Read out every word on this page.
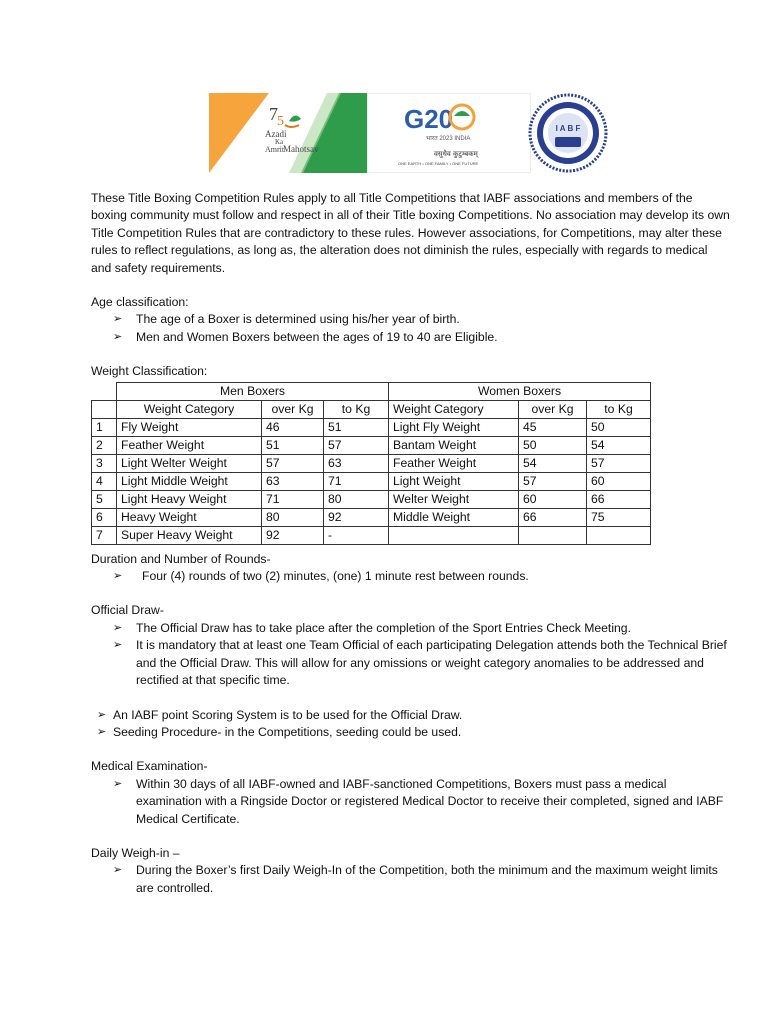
7 5
Azadi
Ka
Amrit
Mahotsav
G20
भारत 2023 INDIA
वसुधैव कुटुम्बकम्
ONE EARTH • ONE FAMILY • ONE FUTURE
I A B F

These Title Boxing Competition Rules apply to all Title Competitions that IABF associations and members of the boxing community must follow and respect in all of their Title boxing Competitions. No association may develop its own Title Competition Rules that are contradictory to these rules. However associations, for Competitions, may alter these rules to reflect regulations, as long as, the alteration does not diminish the rules, especially with regards to medical and safety requirements.

Age classification:

➢ The age of a Boxer is determined using his/her year of birth.
➢ Men and Women Boxers between the ages of 19 to 40 are Eligible.

Weight Classification:

	Men Boxers			Women Boxers		
	Weight Category	over Kg	to Kg	Weight Category	over Kg	to Kg
1	Fly Weight	46	51	Light Fly Weight	45	50
2	Feather Weight	51	57	Bantam Weight	50	54
3	Light Welter Weight	57	63	Feather Weight	54	57
4	Light Middle Weight	63	71	Light Weight	57	60
5	Light Heavy Weight	71	80	Welter Weight	60	66
6	Heavy Weight	80	92	Middle Weight	66	75
7	Super Heavy Weight	92	-			

Duration and Number of Rounds-

➢ Four (4) rounds of two (2) minutes, (one) 1 minute rest between rounds.

Official Draw-

➢ The Official Draw has to take place after the completion of the Sport Entries Check Meeting.
➢ It is mandatory that at least one Team Official of each participating Delegation attends both the Technical Brief and the Official Draw. This will allow for any omissions or weight category anomalies to be addressed and rectified at that specific time.
➢ An IABF point Scoring System is to be used for the Official Draw.
➢ Seeding Procedure- in the Competitions, seeding could be used.

Medical Examination-

➢ Within 30 days of all IABF-owned and IABF-sanctioned Competitions, Boxers must pass a medical examination with a Ringside Doctor or registered Medical Doctor to receive their completed, signed and IABF Medical Certificate.

Daily Weigh-in –

➢ During the Boxer’s first Daily Weigh-In of the Competition, both the minimum and the maximum weight limits are controlled.
